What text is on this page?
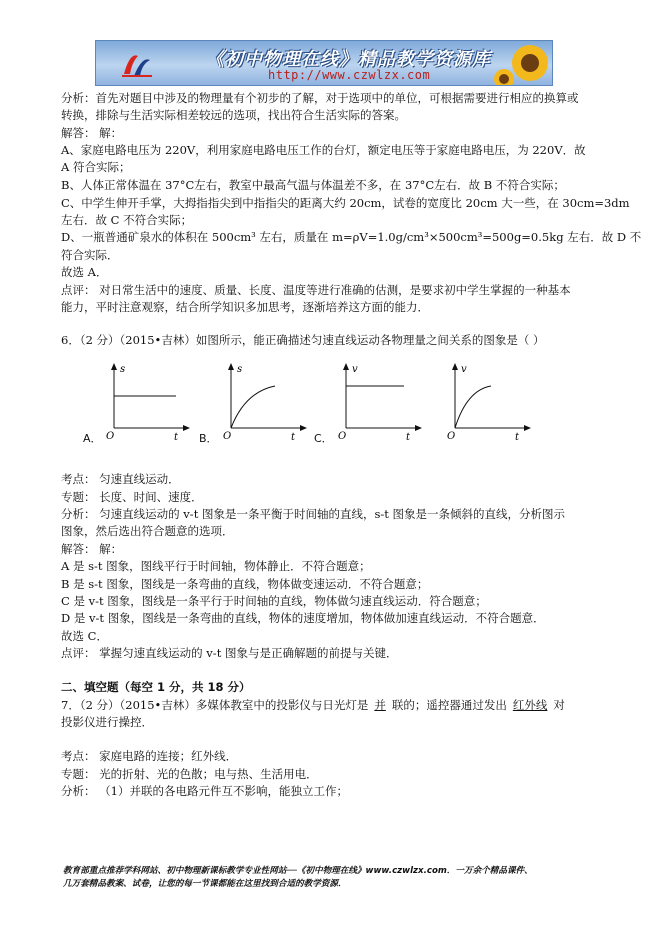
《初中物理在线》精品教学资源库
http://www.czwlzx.com
分析：首先对题目中涉及的物理量有个初步的了解，对于选项中的单位，可根据需要进行相应的换算或
转换，排除与生活实际相差较远的选项，找出符合生活实际的答案。
解答： 解：
A、家庭电路电压为 220V，利用家庭电路电压工作的台灯，额定电压等于家庭电路电压，为 220V．故
A 符合实际；
B、人体正常体温在 37°C左右，教室中最高气温与体温差不多，在 37°C左右．故 B 不符合实际；
C、中学生伸开手掌，大拇指指尖到中指指尖的距离大约 20cm，试卷的宽度比 20cm 大一些，在 30cm=3dm
左右．故 C 不符合实际；
D、一瓶普通矿泉水的体积在 500cm³ 左右，质量在 m=ρV=1.0g/cm³×500cm³=500g=0.5kg 左右．故 D 不
符合实际．
故选 A．
点评： 对日常生活中的速度、质量、长度、温度等进行准确的估测，是要求初中学生掌握的一种基本
能力，平时注意观察，结合所学知识多加思考，逐渐培养这方面的能力．
6．（2 分）（2015•吉林）如图所示，能正确描述匀速直线运动各物理量之间关系的图象是（ ）
A．
s
O	t B．
s
O	t C．
v
O	t
v
O	t
考点： 匀速直线运动．
专题： 长度、时间、速度．
分析： 匀速直线运动的 v-t 图象是一条平衡于时间轴的直线，s-t 图象是一条倾斜的直线，分析图示
图象，然后选出符合题意的选项．
解答： 解：
A 是 s-t 图象，图线平行于时间轴，物体静止．不符合题意；
B 是 s-t 图象，图线是一条弯曲的直线，物体做变速运动．不符合题意；
C 是 v-t 图象，图线是一条平行于时间轴的直线，物体做匀速直线运动．符合题意；
D 是 v-t 图象，图线是一条弯曲的直线，物体的速度增加，物体做加速直线运动．不符合题意．
故选 C．
点评： 掌握匀速直线运动的 v-t 图象与是正确解题的前提与关键．
二、填空题（每空 1 分，共 18 分）
7．（2 分）（2015•吉林）多媒体教室中的投影仪与日光灯是 并 联的；遥控器通过发出 红外线 对
投影仪进行操控．
考点： 家庭电路的连接；红外线．
专题： 光的折射、光的色散；电与热、生活用电．
分析： （1）并联的各电路元件互不影响，能独立工作；
教育部重点推荐学科网站、初中物理新课标教学专业性网站──《初中物理在线》www.czwlzx.com．一万余个精品课件、
几万套精品教案、试卷，让您的每一节课都能在这里找到合适的教学资源．
